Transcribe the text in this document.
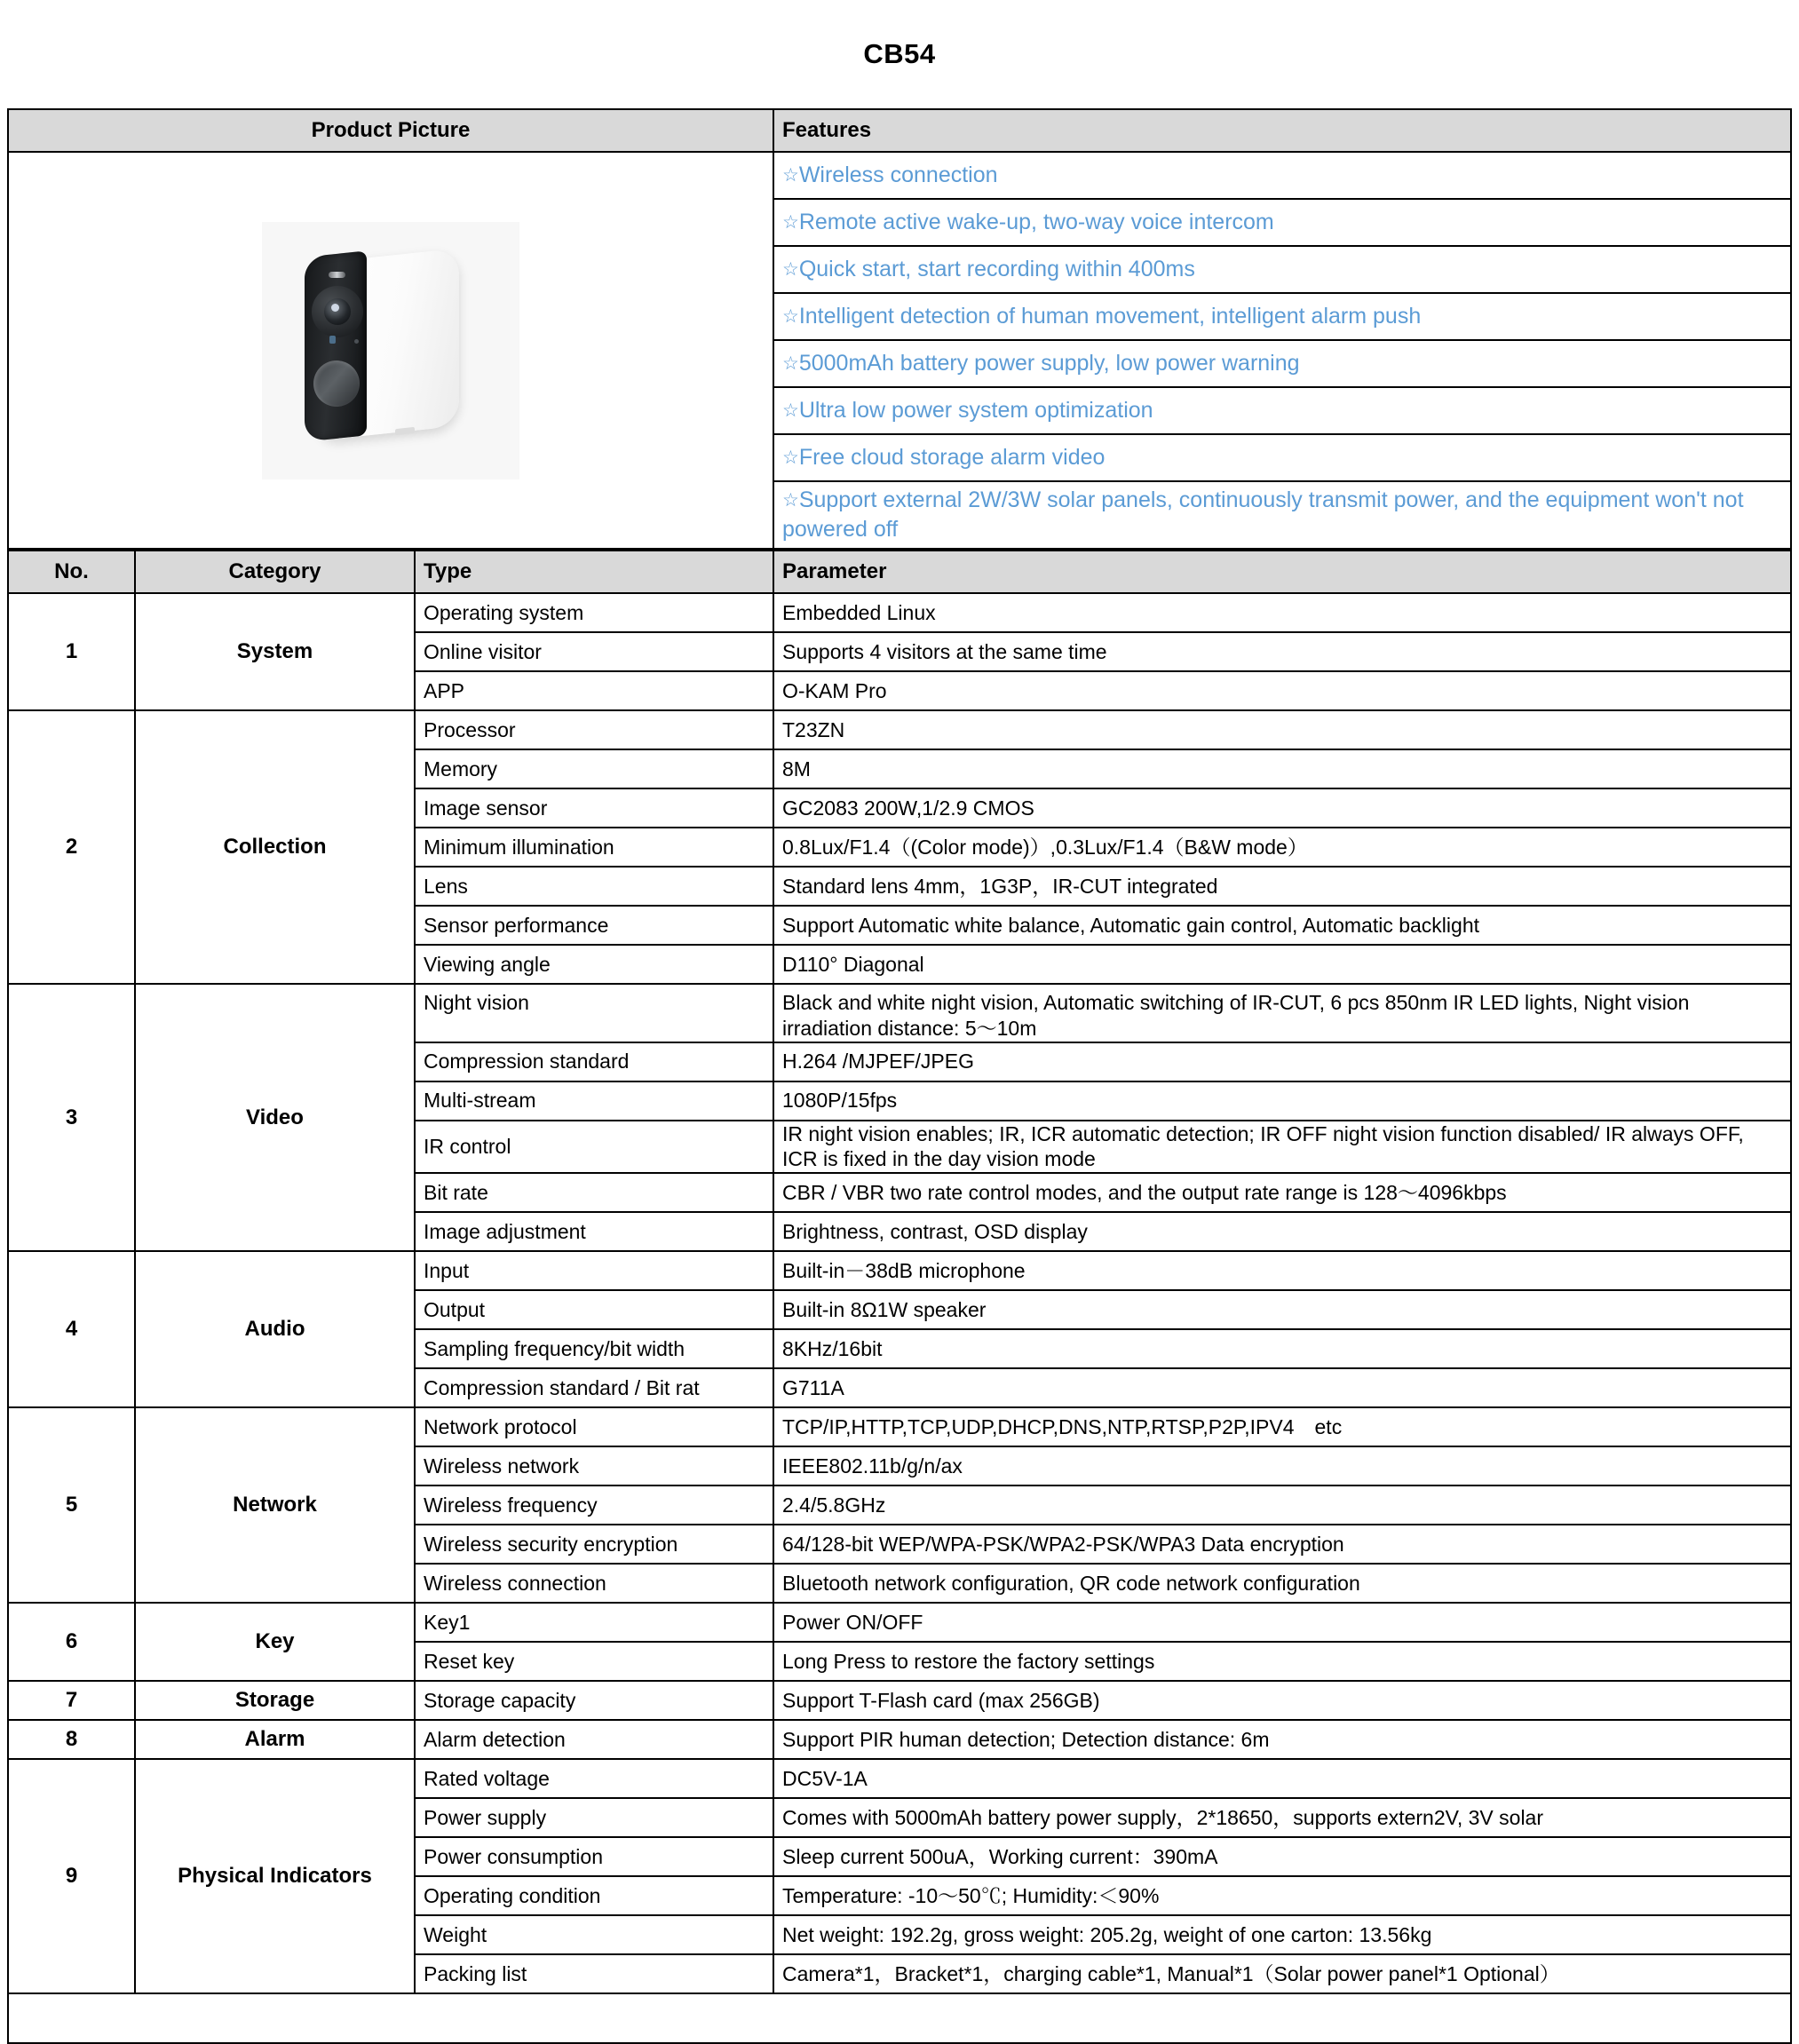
CB54
Product Picture	Features

	☆Wireless connection
	☆Remote active wake-up, two-way voice intercom
	☆Quick start, start recording within 400ms
	☆Intelligent detection of human movement, intelligent alarm push
	☆5000mAh battery power supply, low power warning
	☆Ultra low power system optimization
	☆Free cloud storage alarm video
	☆Support external 2W/3W solar panels, continuously transmit power, and the equipment won't not powered off
No.	Category	Type	Parameter
1	System	Operating system	Embedded Linux
		Online visitor	Supports 4 visitors at the same time
		APP	O-KAM Pro
2	Collection	Processor	T23ZN
		Memory	8M
		Image sensor	GC2083 200W,1/2.9 CMOS
		Minimum illumination	0.8Lux/F1.4（(Color mode)）,0.3Lux/F1.4（B&W mode）
		Lens	Standard lens 4mm，1G3P，IR-CUT integrated
		Sensor performance	Support Automatic white balance, Automatic gain control, Automatic backlight
		Viewing angle	D110° Diagonal
3	Video	Night vision	Black and white night vision, Automatic switching of IR-CUT, 6 pcs 850nm IR LED lights, Night vision irradiation distance: 5～10m
		Compression standard	H.264 /MJPEF/JPEG
		Multi-stream	1080P/15fps
		IR control	IR night vision enables; IR, ICR automatic detection; IR OFF night vision function disabled/ IR always OFF, ICR is fixed in the day vision mode
		Bit rate	CBR / VBR two rate control modes, and the output rate range is 128～4096kbps
		Image adjustment	Brightness, contrast, OSD display
4	Audio	Input	Built-in－38dB microphone
		Output	Built-in 8Ω1W speaker
		Sampling frequency/bit width	8KHz/16bit
		Compression standard / Bit rat	G711A
5	Network	Network protocol	TCP/IP,HTTP,TCP,UDP,DHCP,DNS,NTP,RTSP,P2P,IPV4　etc
		Wireless network	IEEE802.11b/g/n/ax
		Wireless frequency	2.4/5.8GHz
		Wireless security encryption	64/128-bit WEP/WPA-PSK/WPA2-PSK/WPA3 Data encryption
		Wireless connection	Bluetooth network configuration, QR code network configuration
6	Key	Key1	Power ON/OFF
		Reset key	Long Press to restore the factory settings
7	Storage	Storage capacity	Support T-Flash card (max 256GB)
8	Alarm	Alarm detection	Support PIR human detection; Detection distance: 6m
9	Physical Indicators	Rated voltage	DC5V-1A
		Power supply	Comes with 5000mAh battery power supply，2*18650，supports extern2V, 3V solar
		Power consumption	Sleep current 500uA，Working current：390mA
		Operating condition	Temperature: -10～50℃; Humidity:＜90%
		Weight	Net weight: 192.2g, gross weight: 205.2g, weight of one carton: 13.56kg
		Packing list	Camera*1，Bracket*1，charging cable*1, Manual*1（Solar power panel*1 Optional）
